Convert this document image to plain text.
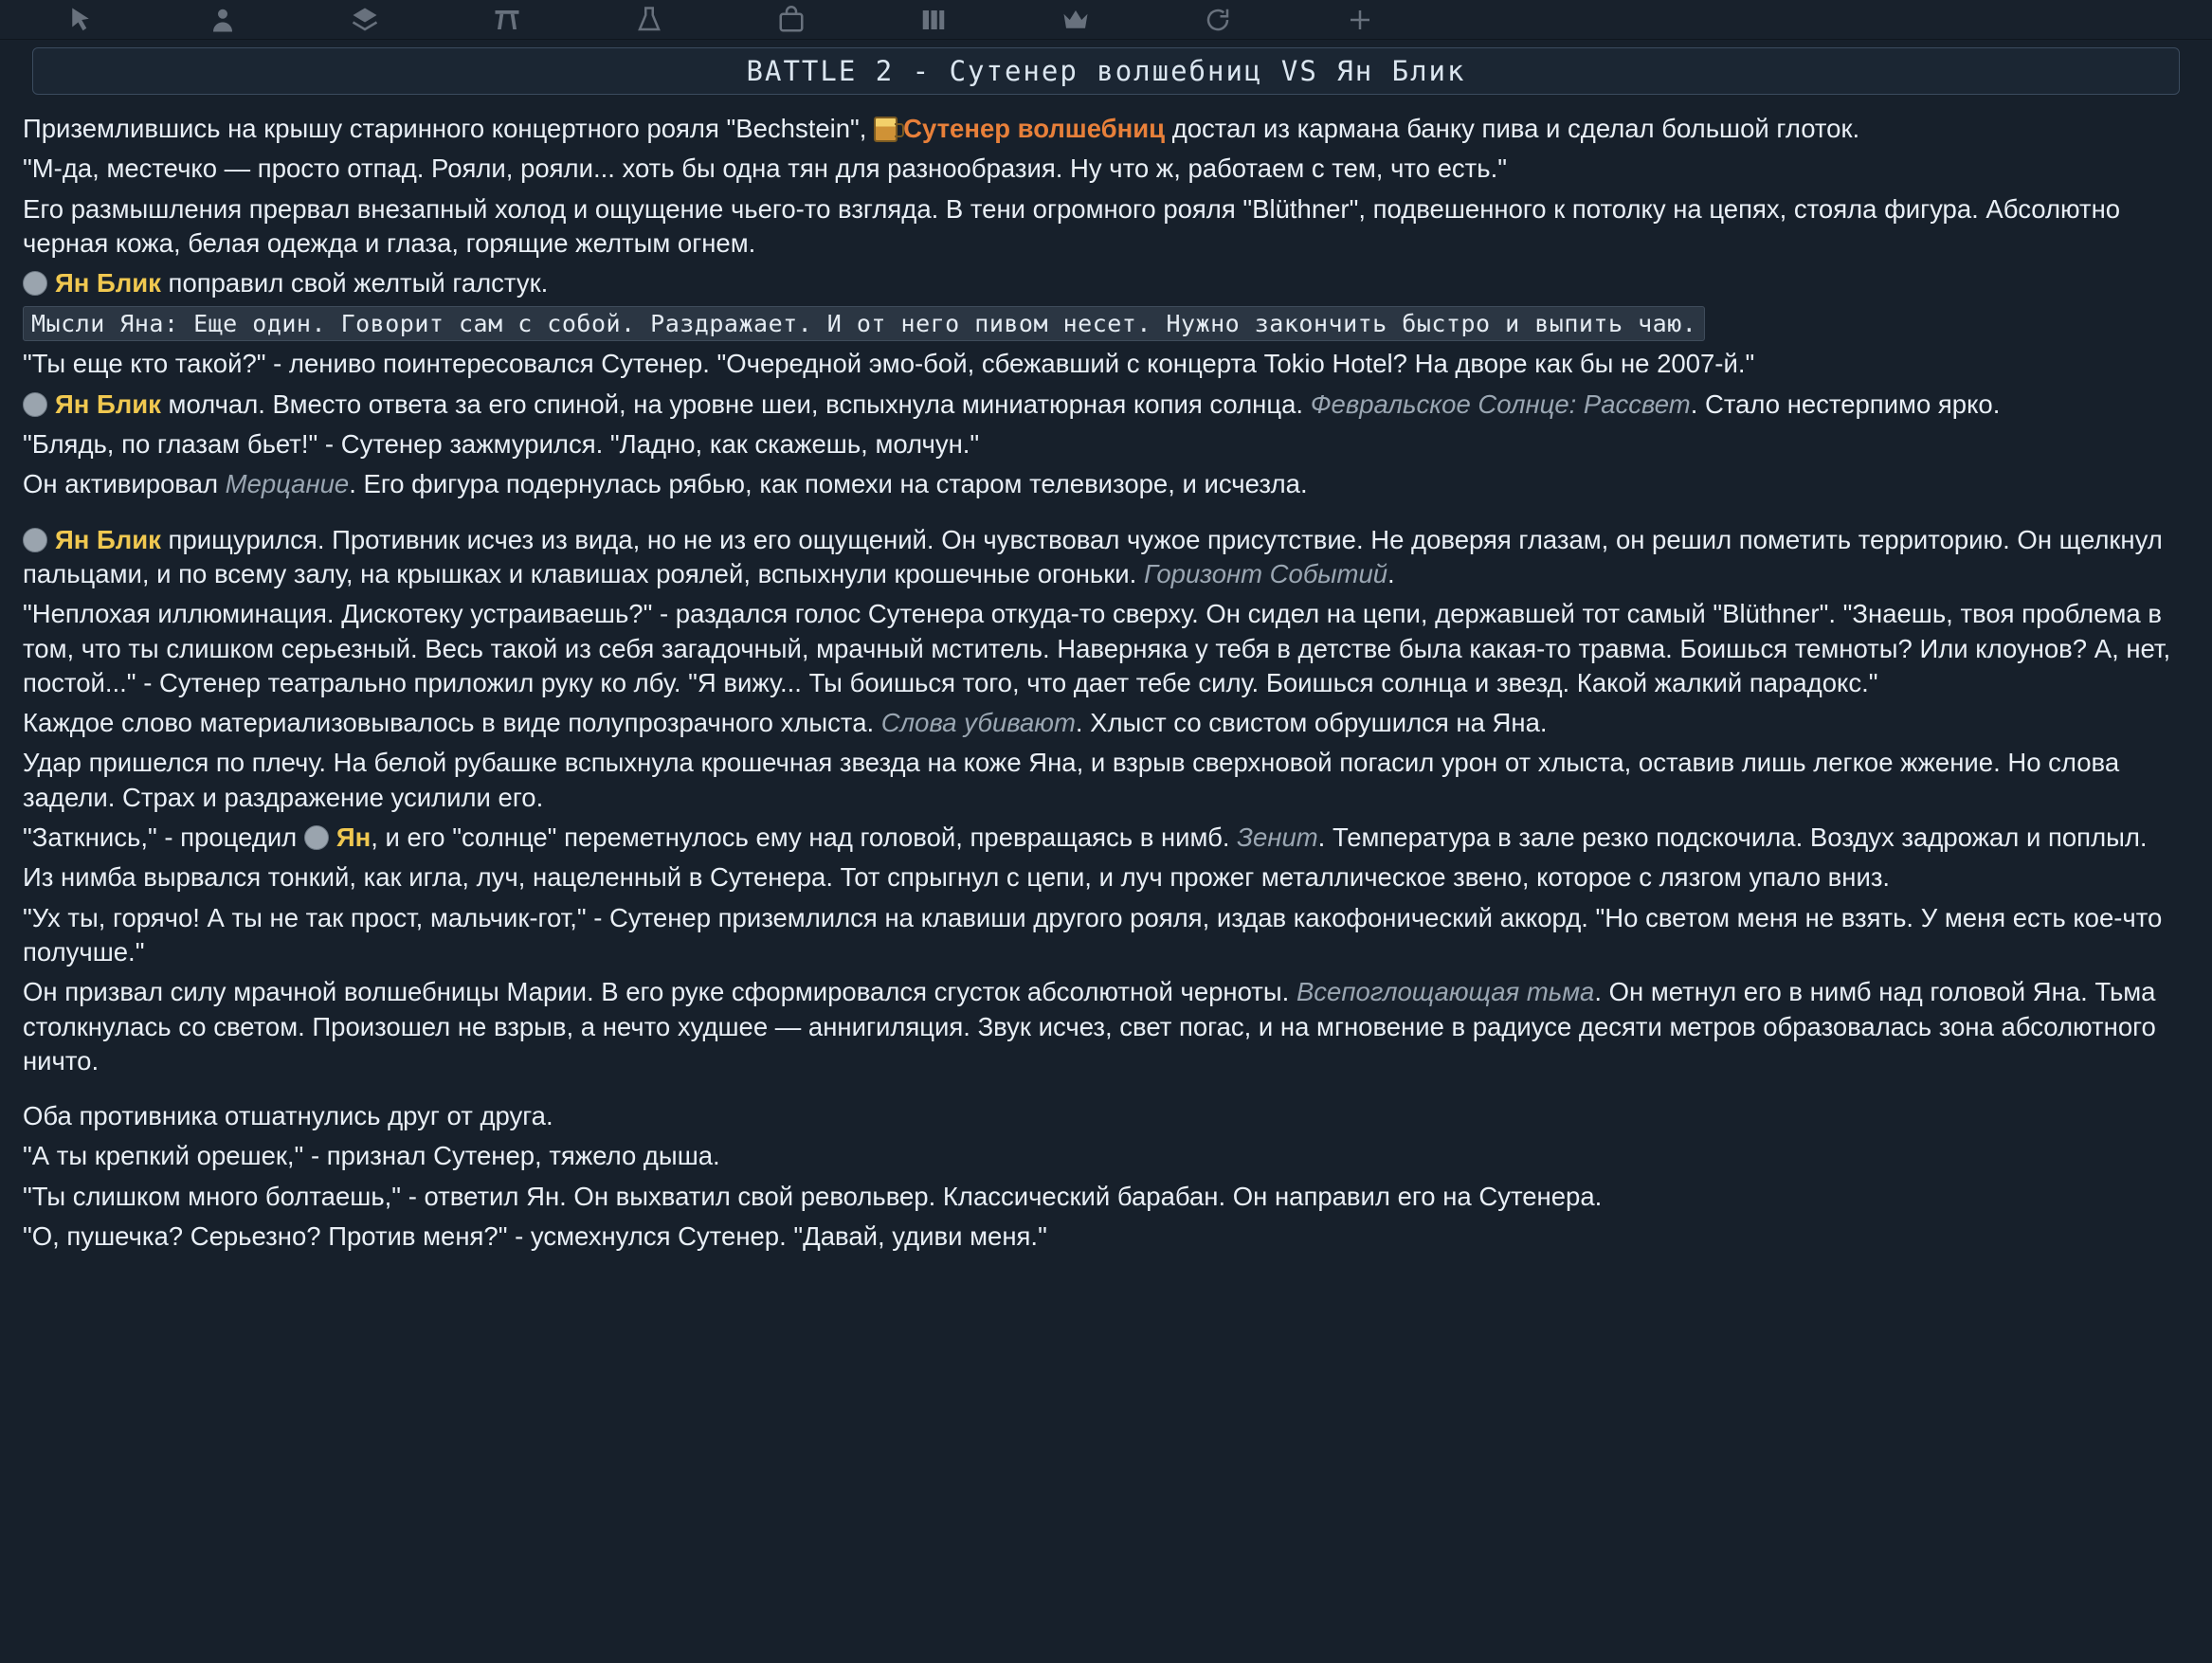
BATTLE 2 - Сутенер волшебниц VS Ян Блик

Приземлившись на крышу старинного концертного рояля "Bechstein", Сутенер волшебниц достал из кармана банку пива и сделал большой глоток.

"М-да, местечко — просто отпад. Рояли, рояли... хоть бы одна тян для разнообразия. Ну что ж, работаем с тем, что есть."

Его размышления прервал внезапный холод и ощущение чьего-то взгляда. В тени огромного рояля "Blüthner", подвешенного к потолку на цепях, стояла фигура. Абсолютно черная кожа, белая одежда и глаза, горящие желтым огнем.

Ян Блик поправил свой желтый галстук.

Мысли Яна: Еще один. Говорит сам с собой. Раздражает. И от него пивом несет. Нужно закончить быстро и выпить чаю.

"Ты еще кто такой?" - лениво поинтересовался Сутенер. "Очередной эмо-бой, сбежавший с концерта Tokio Hotel? На дворе как бы не 2007-й."

Ян Блик молчал. Вместо ответа за его спиной, на уровне шеи, вспыхнула миниатюрная копия солнца. Февральское Солнце: Рассвет. Стало нестерпимо ярко.

"Блядь, по глазам бьет!" - Сутенер зажмурился. "Ладно, как скажешь, молчун."

Он активировал Мерцание. Его фигура подернулась рябью, как помехи на старом телевизоре, и исчезла.

Ян Блик прищурился. Противник исчез из вида, но не из его ощущений. Он чувствовал чужое присутствие. Не доверяя глазам, он решил пометить территорию. Он щелкнул пальцами, и по всему залу, на крышках и клавишах роялей, вспыхнули крошечные огоньки. Горизонт Событий.

"Неплохая иллюминация. Дискотеку устраиваешь?" - раздался голос Сутенера откуда-то сверху. Он сидел на цепи, державшей тот самый "Blüthner". "Знаешь, твоя проблема в том, что ты слишком серьезный. Весь такой из себя загадочный, мрачный мститель. Наверняка у тебя в детстве была какая-то травма. Боишься темноты? Или клоунов? А, нет, постой..." - Сутенер театрально приложил руку ко лбу. "Я вижу... Ты боишься того, что дает тебе силу. Боишься солнца и звезд. Какой жалкий парадокс."

Каждое слово материализовывалось в виде полупрозрачного хлыста. Слова убивают. Хлыст со свистом обрушился на Яна.

Удар пришелся по плечу. На белой рубашке вспыхнула крошечная звезда на коже Яна, и взрыв сверхновой погасил урон от хлыста, оставив лишь легкое жжение. Но слова задели. Страх и раздражение усилили его.

"Заткнись," - процедил Ян, и его "солнце" переметнулось ему над головой, превращаясь в нимб. Зенит. Температура в зале резко подскочила. Воздух задрожал и поплыл.

Из нимба вырвался тонкий, как игла, луч, нацеленный в Сутенера. Тот спрыгнул с цепи, и луч прожег металлическое звено, которое с лязгом упало вниз.

"Ух ты, горячо! А ты не так прост, мальчик-гот," - Сутенер приземлился на клавиши другого рояля, издав какофонический аккорд. "Но светом меня не взять. У меня есть кое-что получше."

Он призвал силу мрачной волшебницы Марии. В его руке сформировался сгусток абсолютной черноты. Всепоглощающая тьма. Он метнул его в нимб над головой Яна. Тьма столкнулась со светом. Произошел не взрыв, а нечто худшее — аннигиляция. Звук исчез, свет погас, и на мгновение в радиусе десяти метров образовалась зона абсолютного ничто.

Оба противника отшатнулись друг от друга.

"А ты крепкий орешек," - признал Сутенер, тяжело дыша.

"Ты слишком много болтаешь," - ответил Ян. Он выхватил свой револьвер. Классический барабан. Он направил его на Сутенера.

"О, пушечка? Серьезно? Против меня?" - усмехнулся Сутенер. "Давай, удиви меня."
